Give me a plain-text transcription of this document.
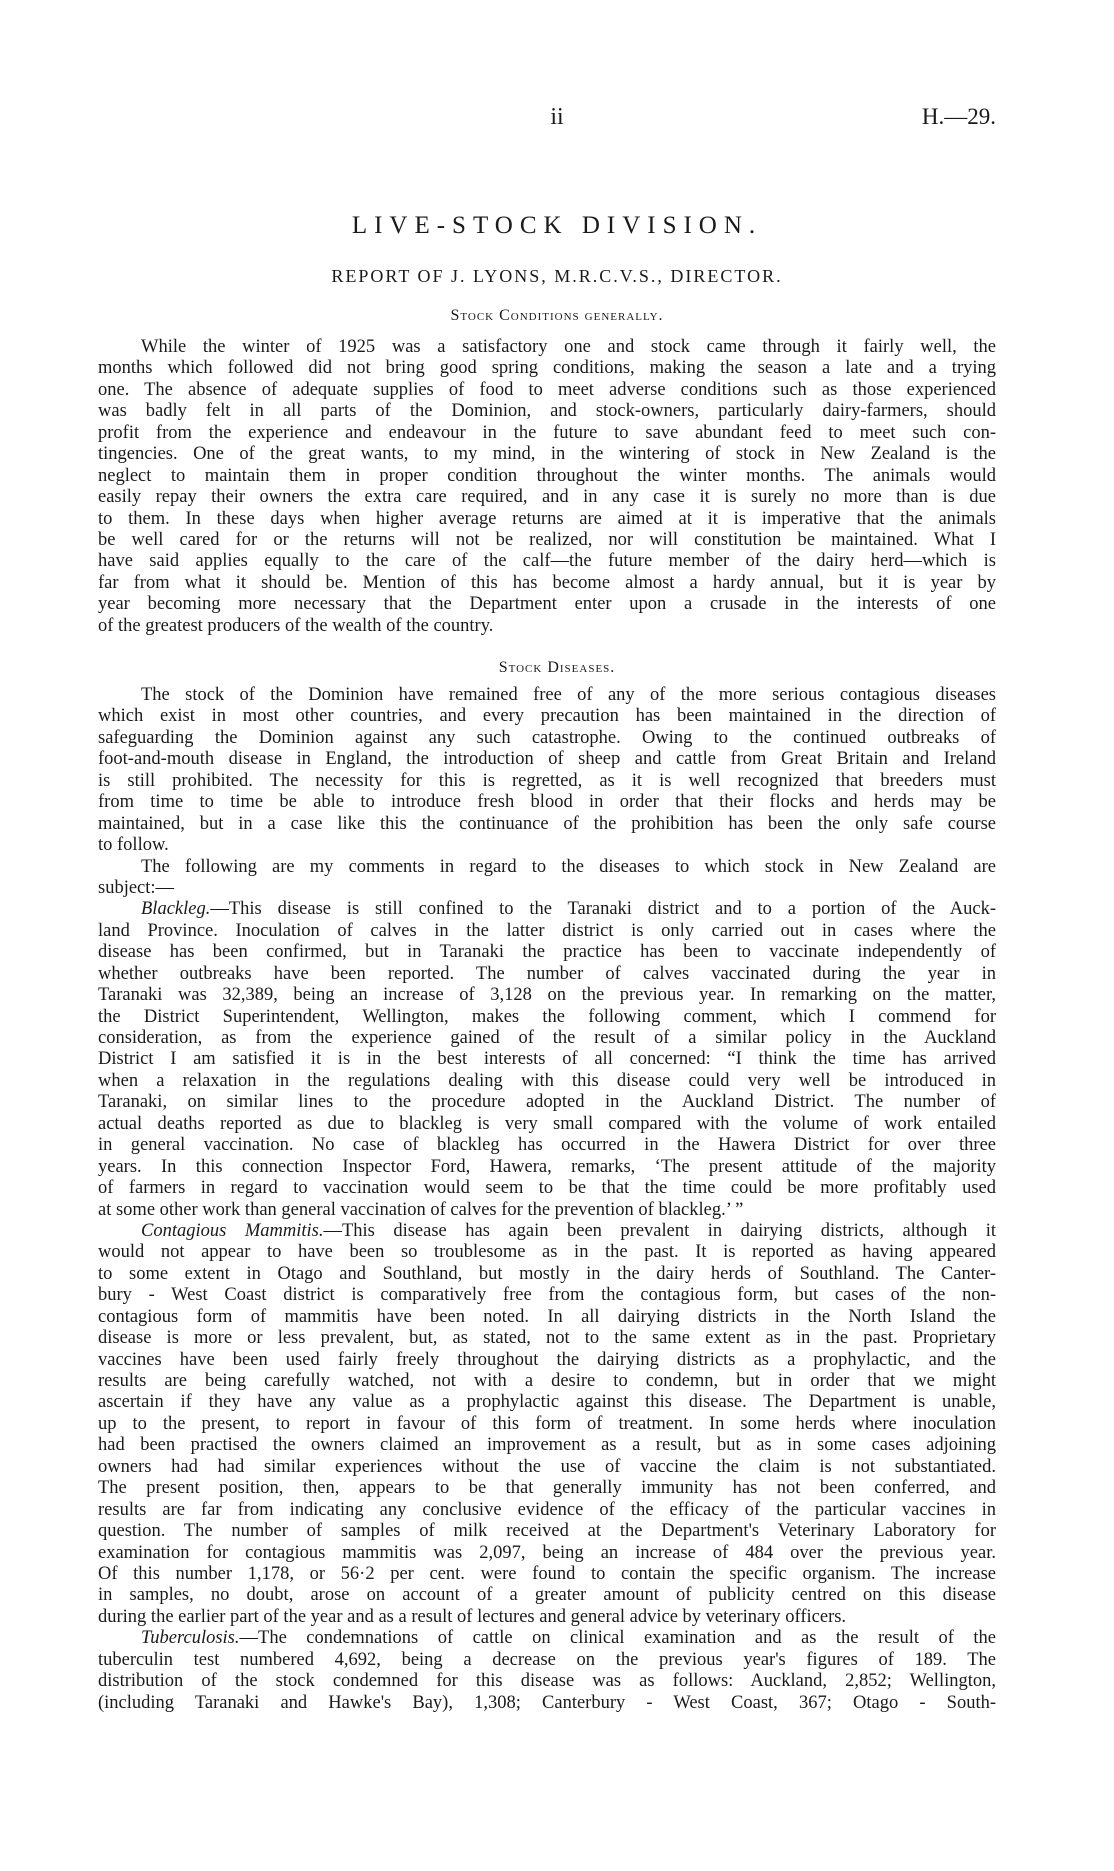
ii	H.—29.
LIVE-STOCK DIVISION.
REPORT OF J. LYONS, M.R.C.V.S., DIRECTOR.
Stock Conditions generally.
While the winter of 1925 was a satisfactory one and stock came through it fairly well, the
months which followed did not bring good spring conditions, making the season a late and a trying
one. The absence of adequate supplies of food to meet adverse conditions such as those experienced
was badly felt in all parts of the Dominion, and stock-owners, particularly dairy-farmers, should
profit from the experience and endeavour in the future to save abundant feed to meet such con-
tingencies. One of the great wants, to my mind, in the wintering of stock in New Zealand is the
neglect to maintain them in proper condition throughout the winter months. The animals would
easily repay their owners the extra care required, and in any case it is surely no more than is due
to them. In these days when higher average returns are aimed at it is imperative that the animals
be well cared for or the returns will not be realized, nor will constitution be maintained. What I
have said applies equally to the care of the calf—the future member of the dairy herd—which is
far from what it should be. Mention of this has become almost a hardy annual, but it is year by
year becoming more necessary that the Department enter upon a crusade in the interests of one
of the greatest producers of the wealth of the country.
Stock Diseases.
The stock of the Dominion have remained free of any of the more serious contagious diseases
which exist in most other countries, and every precaution has been maintained in the direction of
safeguarding the Dominion against any such catastrophe. Owing to the continued outbreaks of
foot-and-mouth disease in England, the introduction of sheep and cattle from Great Britain and Ireland
is still prohibited. The necessity for this is regretted, as it is well recognized that breeders must
from time to time be able to introduce fresh blood in order that their flocks and herds may be
maintained, but in a case like this the continuance of the prohibition has been the only safe course
to follow.
The following are my comments in regard to the diseases to which stock in New Zealand are
subject:—
Blackleg.—This disease is still confined to the Taranaki district and to a portion of the Auck-
land Province. Inoculation of calves in the latter district is only carried out in cases where the
disease has been confirmed, but in Taranaki the practice has been to vaccinate independently of
whether outbreaks have been reported. The number of calves vaccinated during the year in
Taranaki was 32,389, being an increase of 3,128 on the previous year. In remarking on the matter,
the District Superintendent, Wellington, makes the following comment, which I commend for
consideration, as from the experience gained of the result of a similar policy in the Auckland
District I am satisfied it is in the best interests of all concerned: “I think the time has arrived
when a relaxation in the regulations dealing with this disease could very well be introduced in
Taranaki, on similar lines to the procedure adopted in the Auckland District. The number of
actual deaths reported as due to blackleg is very small compared with the volume of work entailed
in general vaccination. No case of blackleg has occurred in the Hawera District for over three
years. In this connection Inspector Ford, Hawera, remarks, ‘The present attitude of the majority
of farmers in regard to vaccination would seem to be that the time could be more profitably used
at some other work than general vaccination of calves for the prevention of blackleg.’ ”
Contagious Mammitis.—This disease has again been prevalent in dairying districts, although it
would not appear to have been so troublesome as in the past. It is reported as having appeared
to some extent in Otago and Southland, but mostly in the dairy herds of Southland. The Canter-
bury - West Coast district is comparatively free from the contagious form, but cases of the non-
contagious form of mammitis have been noted. In all dairying districts in the North Island the
disease is more or less prevalent, but, as stated, not to the same extent as in the past. Proprietary
vaccines have been used fairly freely throughout the dairying districts as a prophylactic, and the
results are being carefully watched, not with a desire to condemn, but in order that we might
ascertain if they have any value as a prophylactic against this disease. The Department is unable,
up to the present, to report in favour of this form of treatment. In some herds where inoculation
had been practised the owners claimed an improvement as a result, but as in some cases adjoining
owners had had similar experiences without the use of vaccine the claim is not substantiated.
The present position, then, appears to be that generally immunity has not been conferred, and
results are far from indicating any conclusive evidence of the efficacy of the particular vaccines in
question. The number of samples of milk received at the Department's Veterinary Laboratory for
examination for contagious mammitis was 2,097, being an increase of 484 over the previous year.
Of this number 1,178, or 56·2 per cent. were found to contain the specific organism. The increase
in samples, no doubt, arose on account of a greater amount of publicity centred on this disease
during the earlier part of the year and as a result of lectures and general advice by veterinary officers.
Tuberculosis.—The condemnations of cattle on clinical examination and as the result of the
tuberculin test numbered 4,692, being a decrease on the previous year's figures of 189. The
distribution of the stock condemned for this disease was as follows: Auckland, 2,852; Wellington,
(including Taranaki and Hawke's Bay), 1,308; Canterbury - West Coast, 367; Otago - South-
